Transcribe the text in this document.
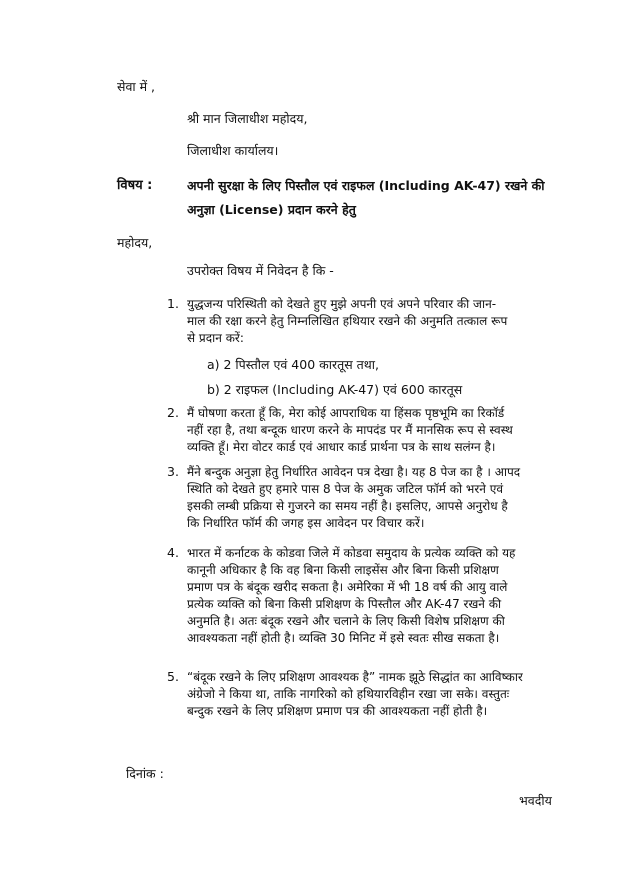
सेवा में ,
श्री मान जिलाधीश महोदय,
जिलाधीश कार्यालय।
विषय :	अपनी सुरक्षा के लिए पिस्तौल एवं राइफल (Including AK-47) रखने की
अनुज्ञा (License) प्रदान करने हेतु
महोदय,
उपरोक्त विषय में निवेदन है कि -
1. युद्धजन्य परिस्थिती को देखते हुए मुझे अपनी एवं अपने परिवार की जान-
माल की रक्षा करने हेतु निम्नलिखित हथियार रखने की अनुमति तत्काल रूप
से प्रदान करें:
a) 2 पिस्तौल एवं 400 कारतूस तथा,
b) 2 राइफल (Including AK-47) एवं 600 कारतूस
2. मैं घोषणा करता हूँ कि, मेरा कोई आपराधिक या हिंसक पृष्ठभूमि का रिकॉर्ड
नहीं रहा है, तथा बन्दूक धारण करने के मापदंड पर मैं मानसिक रूप से स्वस्थ
व्यक्ति हूँ। मेरा वोटर कार्ड एवं आधार कार्ड प्रार्थना पत्र के साथ सलंग्न है।
3. मैंने बन्दुक अनुज्ञा हेतु निर्धारित आवेदन पत्र देखा है। यह 8 पेज का है । आपद
स्थिति को देखते हुए हमारे पास 8 पेज के अमुक जटिल फॉर्म को भरने एवं
इसकी लम्बी प्रक्रिया से गुजरने का समय नहीं है। इसलिए, आपसे अनुरोध है
कि निर्धारित फॉर्म की जगह इस आवेदन पर विचार करें।
4. भारत में कर्नाटक के कोडवा जिले में कोडवा समुदाय के प्रत्येक व्यक्ति को यह
कानूनी अधिकार है कि वह बिना किसी लाइसेंस और बिना किसी प्रशिक्षण
प्रमाण पत्र के बंदूक खरीद सकता है। अमेरिका में भी 18 वर्ष की आयु वाले
प्रत्येक व्यक्ति को बिना किसी प्रशिक्षण के पिस्तौल और AK-47 रखने की
अनुमति है। अतः बंदूक रखने और चलाने के लिए किसी विशेष प्रशिक्षण की
आवश्यकता नहीं होती है। व्यक्ति 30 मिनिट में इसे स्वतः सीख सकता है।
5. “बंदूक रखने के लिए प्रशिक्षण आवश्यक है” नामक झूठे सिद्धांत का आविष्कार
अंग्रेजो ने किया था, ताकि नागरिको को हथियारविहीन रखा जा सके। वस्तुतः
बन्दुक रखने के लिए प्रशिक्षण प्रमाण पत्र की आवश्यकता नहीं होती है।
दिनांक :
भवदीय
